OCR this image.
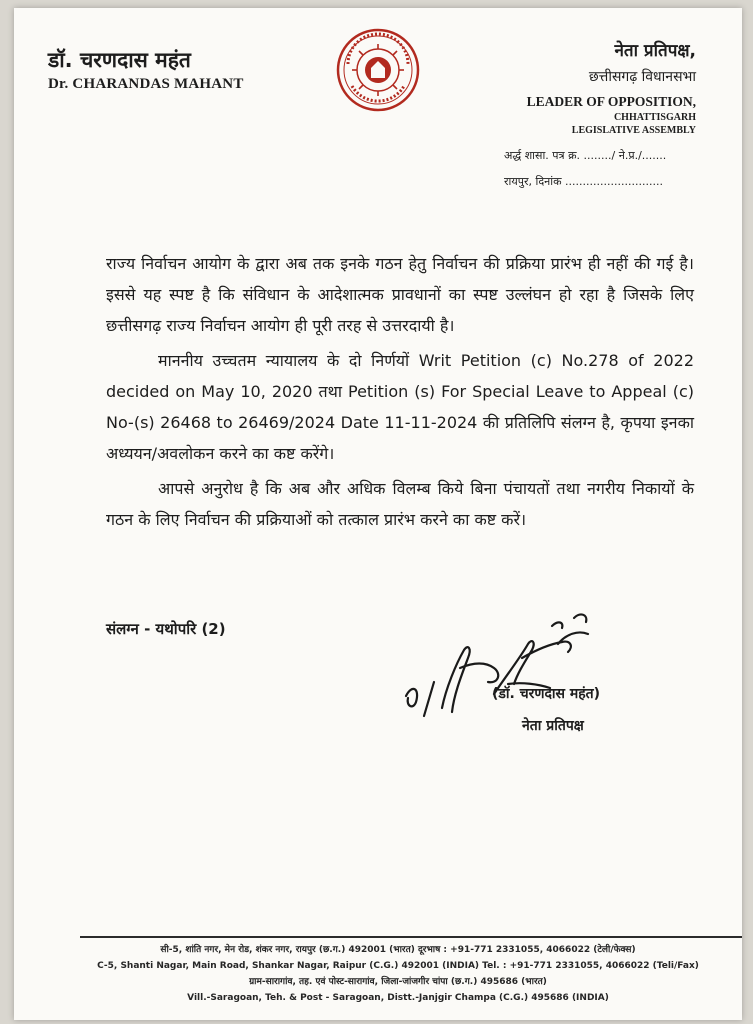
डॉ. चरणदास महंत
Dr. CHARANDAS MAHANT
नेता प्रतिपक्ष,
छत्तीसगढ़ विधानसभा
LEADER OF OPPOSITION,
CHHATTISGARH
LEGISLATIVE ASSEMBLY
अर्द्ध शासा. पत्र क्र. ......../ ने.प्र./.......
रायपुर, दिनांक ............................

राज्य निर्वाचन आयोग के द्वारा अब तक इनके गठन हेतु निर्वाचन की प्रक्रिया प्रारंभ ही नहीं की गई है। इससे यह स्पष्ट है कि संविधान के आदेशात्मक प्रावधानों का स्पष्ट उल्लंघन हो रहा है जिसके लिए छत्तीसगढ़ राज्य निर्वाचन आयोग ही पूरी तरह से उत्तरदायी है।

माननीय उच्चतम न्यायालय के दो निर्णयों Writ Petition (c) No.278 of 2022 decided on May 10, 2020 तथा Petition (s) For Special Leave to Appeal (c) No-(s) 26468 to 26469/2024 Date 11-11-2024 की प्रतिलिपि संलग्न है, कृपया इनका अध्ययन/अवलोकन करने का कष्ट करेंगे।

आपसे अनुरोध है कि अब और अधिक विलम्ब किये बिना पंचायतों तथा नगरीय निकायों के गठन के लिए निर्वाचन की प्रक्रियाओं को तत्काल प्रारंभ करने का कष्ट करें।

संलग्न - यथोपरि (2)
(डॉ. चरणदास महंत)
नेता प्रतिपक्ष
सी-5, शांति नगर, मेन रोड, शंकर नगर, रायपुर (छ.ग.) 492001 (भारत) दूरभाष : +91-771 2331055, 4066022 (टेली/फेक्स)
C-5, Shanti Nagar, Main Road, Shankar Nagar, Raipur (C.G.) 492001 (INDIA) Tel. : +91-771 2331055, 4066022 (Teli/Fax)
ग्राम-सारागांव, तह. एवं पोस्ट-सारागांव, जिला-जांजगीर चांपा (छ.ग.) 495686 (भारत)
Vill.-Saragoan, Teh. & Post - Saragoan, Distt.-Janjgir Champa (C.G.) 495686 (INDIA)
